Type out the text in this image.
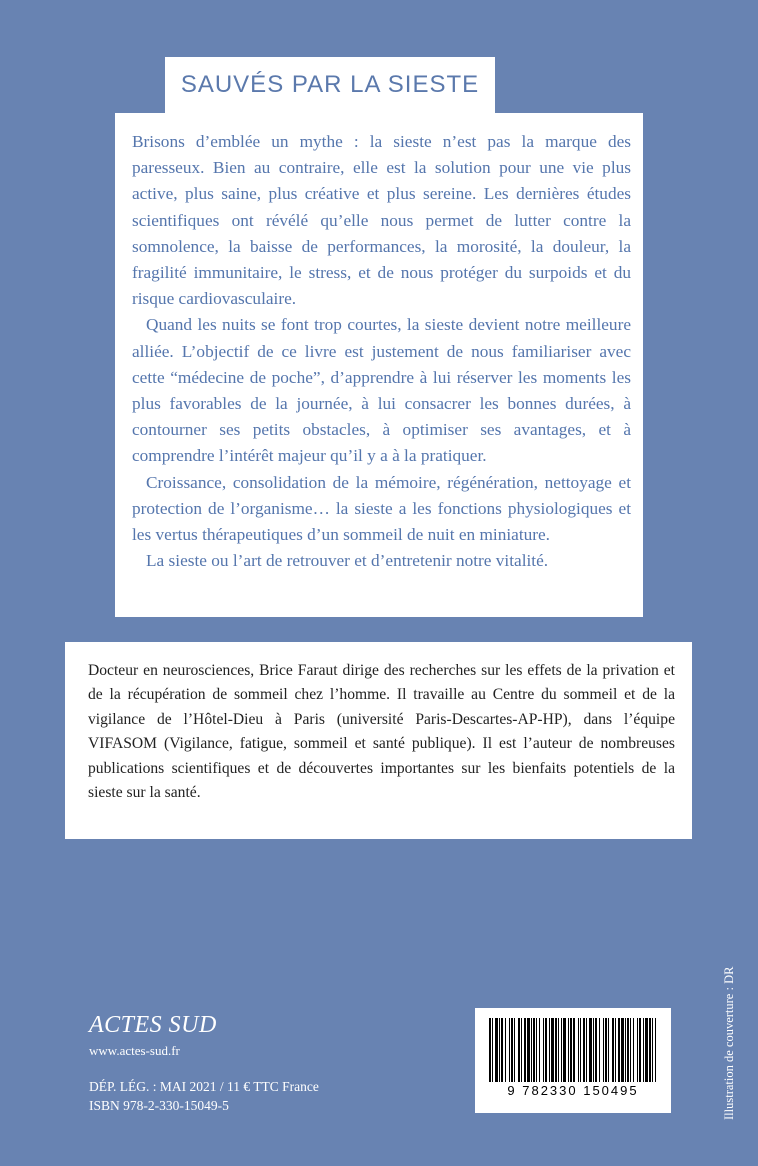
SAUVÉS PAR LA SIESTE

Brisons d’emblée un mythe : la sieste n’est pas la marque des paresseux. Bien au contraire, elle est la solution pour une vie plus active, plus saine, plus créative et plus sereine. Les dernières études scientifiques ont révélé qu’elle nous permet de lutter contre la somnolence, la baisse de performances, la morosité, la douleur, la fragilité immunitaire, le stress, et de nous protéger du surpoids et du risque cardiovasculaire.

Quand les nuits se font trop courtes, la sieste devient notre meilleure alliée. L’objectif de ce livre est justement de nous familiariser avec cette “médecine de poche”, d’apprendre à lui réserver les moments les plus favorables de la journée, à lui consacrer les bonnes durées, à contourner ses petits obstacles, à optimiser ses avantages, et à comprendre l’intérêt majeur qu’il y a à la pratiquer.

Croissance, consolidation de la mémoire, régénération, nettoyage et protection de l’organisme… la sieste a les fonctions physiologiques et les vertus thérapeutiques d’un sommeil de nuit en miniature.

La sieste ou l’art de retrouver et d’entretenir notre vitalité.

Docteur en neurosciences, Brice Faraut dirige des recherches sur les effets de la privation et de la récupération de sommeil chez l’homme. Il travaille au Centre du sommeil et de la vigilance de l’Hôtel-Dieu à Paris (université Paris-Descartes-AP-HP), dans l’équipe VIFASOM (Vigilance, fatigue, sommeil et santé publique). Il est l’auteur de nombreuses publications scientifiques et de découvertes importantes sur les bienfaits potentiels de la sieste sur la santé.
ACTES SUD
www.actes-sud.fr
DÉP. LÉG. : MAI 2021 / 11 € TTC France
ISBN 978-2-330-15049-5
9 782330 150495	Illustration de couverture : DR
